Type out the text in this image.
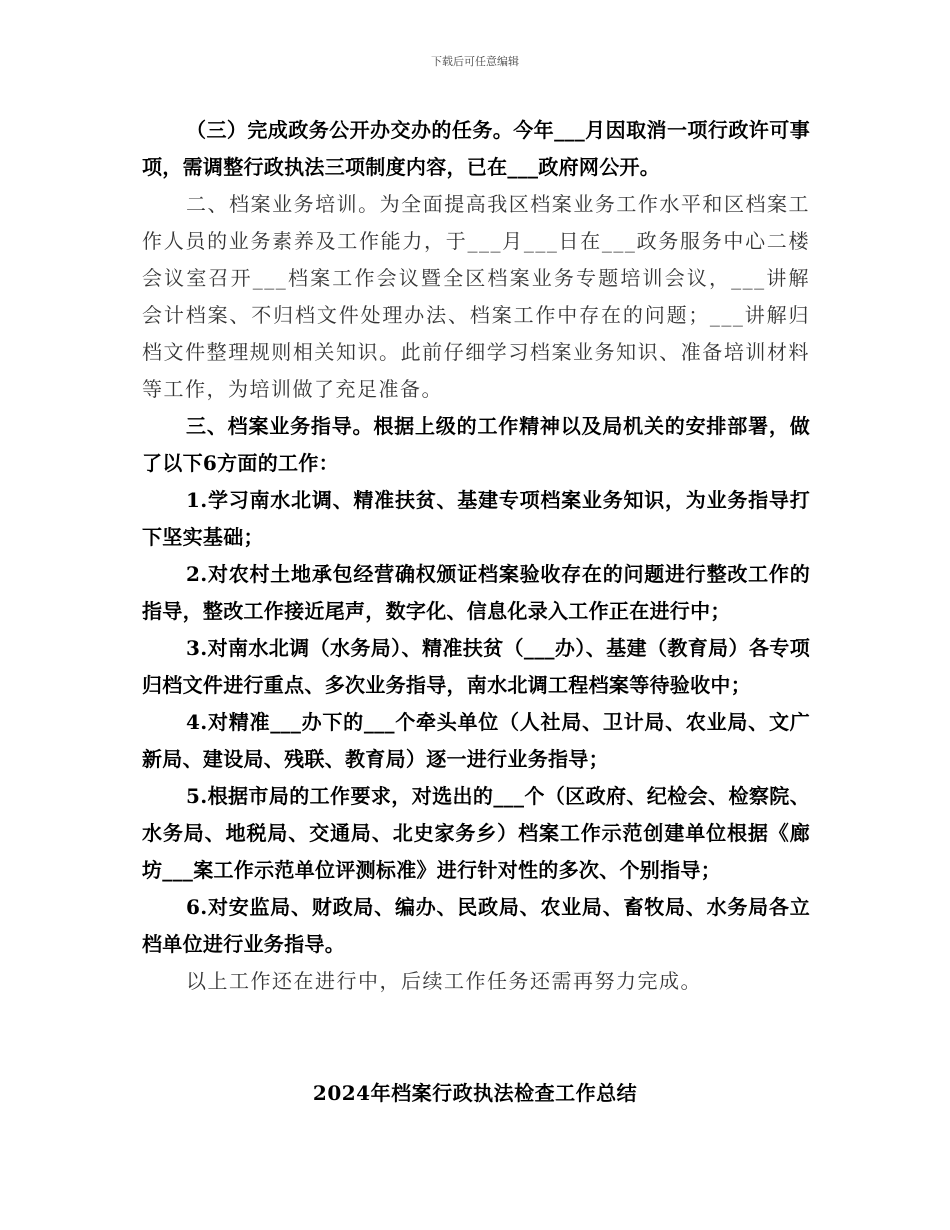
下载后可任意编辑

（三）完成政务公开办交办的任务。今年___月因取消一项行政许可事项，需调整行政执法三项制度内容，已在___政府网公开。

二、档案业务培训。为全面提高我区档案业务工作水平和区档案工作人员的业务素养及工作能力，于___月___日在___政务服务中心二楼会议室召开___档案工作会议暨全区档案业务专题培训会议，___讲解会计档案、不归档文件处理办法、档案工作中存在的问题；___讲解归档文件整理规则相关知识。此前仔细学习档案业务知识、准备培训材料等工作，为培训做了充足准备。

三、档案业务指导。根据上级的工作精神以及局机关的安排部署，做了以下6方面的工作：

1.学习南水北调、精准扶贫、基建专项档案业务知识，为业务指导打下坚实基础；

2.对农村土地承包经营确权颁证档案验收存在的问题进行整改工作的指导，整改工作接近尾声，数字化、信息化录入工作正在进行中；

3.对南水北调（水务局）、精准扶贫（___办）、基建（教育局）各专项归档文件进行重点、多次业务指导，南水北调工程档案等待验收中；

4.对精准___办下的___个牵头单位（人社局、卫计局、农业局、文广新局、建设局、残联、教育局）逐一进行业务指导；

5.根据市局的工作要求，对选出的___个（区政府、纪检会、检察院、水务局、地税局、交通局、北史家务乡）档案工作示范创建单位根据《廊坊___案工作示范单位评测标准》进行针对性的多次、个别指导；

6.对安监局、财政局、编办、民政局、农业局、畜牧局、水务局各立档单位进行业务指导。

以上工作还在进行中，后续工作任务还需再努力完成。

2024年档案行政执法检查工作总结
